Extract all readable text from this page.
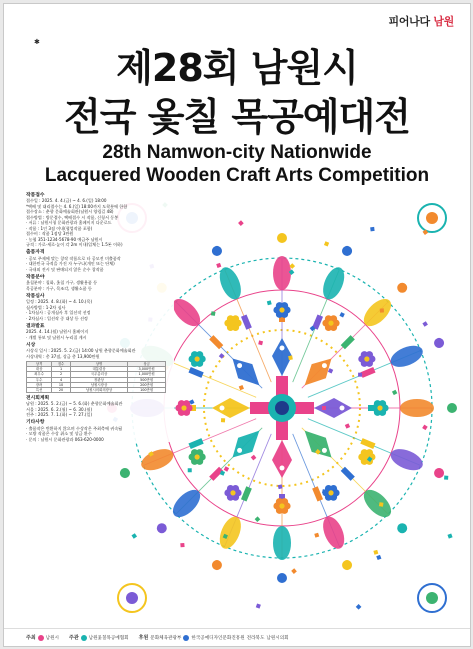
피어나다 남원
✱
제28회 남원시
전국 옻칠 목공예대전
28th Namwon-city Nationwide
Lacquered Wooden Craft Arts Competition
작품접수
접수일 : 2025. 4. 4.(금) ~ 4. 6.(일) 18:00
*택배 및 대리접수는 4. 6.(일) 18:00까지 도착분에 한함
접수장소 : 춘향 문화예술회관(남원시 양림길 48)
접수방법 : 방문접수, 택배접수 시 작품, 신청서 동봉
· 서류 : 남원시청 문화관광과 홈페이지 다운로드
· 작품 : 1인 3점 이내(협업작품 포함)
접수비 : 작품 1점당 3만원
· 농협 351-1234-5678-90 예금주 남원시
규격 : 가로·세로·높이 각 2m 이내(입체는 1.5톤 이하)
출품자격
· 공모 주제에 맞는 창작 작품으로 타 공모전 미출품작
· 대한민국 국적을 가진 자 누구나(개인 또는 단체)
· 국내외 전시 및 판매되지 않은 순수 창작품
작품분야
옻칠분야 : 칠화, 옻칠 가구, 생활용품 등
목공분야 : 가구, 목조각, 생활소품 등
작품심사
일정 : 2025. 4. 8.(화) ~ 4. 10.(목)
심사방법 : 1·2차 심사
· 1차심사 : 공개심사 후 입선작 선정
· 2차심사 : 입선작 중 대상 등 선정
결과발표
2025. 4. 14.(월) 남원시 홈페이지
· 개별 통보 및 남원시 누리집 게시
시상
시상식 일시 : 2025. 5. 2.(금) 14:00 남원 춘향문화예술회관
시상내역 : 총 37점, 상금 총 13,900만원
상격	점수	상명	상금
대상	1	대통령상	3,000만원
최우수	2	국무총리상	1,000만원
우수	4	장관상	500만원
장려	10	남원시장상	200만원
특선	20	남원시의회의장상	100만원
전시회계획
남원 : 2025. 5. 2.(금) ~ 5. 6.(화) 춘향문화예술회관
서울 : 2025. 6. 2.(월) ~ 6. 30.(월)
전주 : 2025. 7. 1.(화) ~ 7. 27.(일)
기타사항
· 출품작은 반환하지 않으며 수상작은 주최측에 귀속됨
· 모방 작품은 수상 취소 및 상금 환수
· 문의 : 남원시 문화관광과 063-620-0000
주최 남원시 주관 남원옻칠목공예협회 후원 문화체육관광부 한국공예디자인문화진흥원 전라북도 남원시의회
